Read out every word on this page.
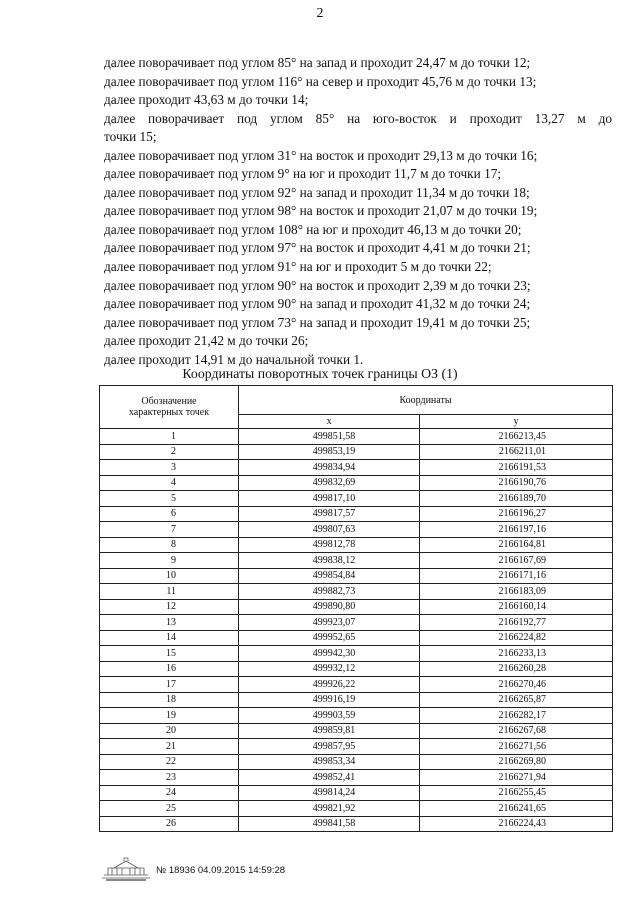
2
далее поворачивает под углом 85° на запад и проходит 24,47 м до точки 12;
далее поворачивает под углом 116° на север и проходит 45,76 м до точки 13;
далее проходит 43,63 м до точки 14;
далее поворачивает под углом 85° на юго-восток и проходит 13,27 м до
точки 15;
далее поворачивает под углом 31° на восток и проходит 29,13 м до точки 16;
далее поворачивает под углом 9° на юг и проходит 11,7 м до точки 17;
далее поворачивает под углом 92° на запад и проходит 11,34 м до точки 18;
далее поворачивает под углом 98° на восток и проходит 21,07 м до точки 19;
далее поворачивает под углом 108° на юг и проходит 46,13 м до точки 20;
далее поворачивает под углом 97° на восток и проходит 4,41 м до точки 21;
далее поворачивает под углом 91° на юг и проходит 5 м до точки 22;
далее поворачивает под углом 90° на восток и проходит 2,39 м до точки 23;
далее поворачивает под углом 90° на запад и проходит 41,32 м до точки 24;
далее поворачивает под углом 73° на запад и проходит 19,41 м до точки 25;
далее проходит 21,42 м до точки 26;
далее проходит 14,91 м до начальной точки 1.
Координаты поворотных точек границы ОЗ (1)
Обозначение
характерных точек	Координаты	
	x	y
1	499851,58	2166213,45
2	499853,19	2166211,01
3	499834,94	2166191,53
4	499832,69	2166190,76
5	499817,10	2166189,70
6	499817,57	2166196,27
7	499807,63	2166197,16
8	499812,78	2166164,81
9	499838,12	2166167,69
10	499854,84	2166171,16
11	499882,73	2166183,09
12	499890,80	2166160,14
13	499923,07	2166192,77
14	499952,65	2166224,82
15	499942,30	2166233,13
16	499932,12	2166260,28
17	499926,22	2166270,46
18	499916,19	2166265,87
19	499903,59	2166282,17
20	499859,81	2166267,68
21	499857,95	2166271,56
22	499853,34	2166269,80
23	499852,41	2166271,94
24	499814,24	2166255,45
25	499821,92	2166241,65
26	499841,58	2166224,43
№ 18936 04.09.2015 14:59:28
